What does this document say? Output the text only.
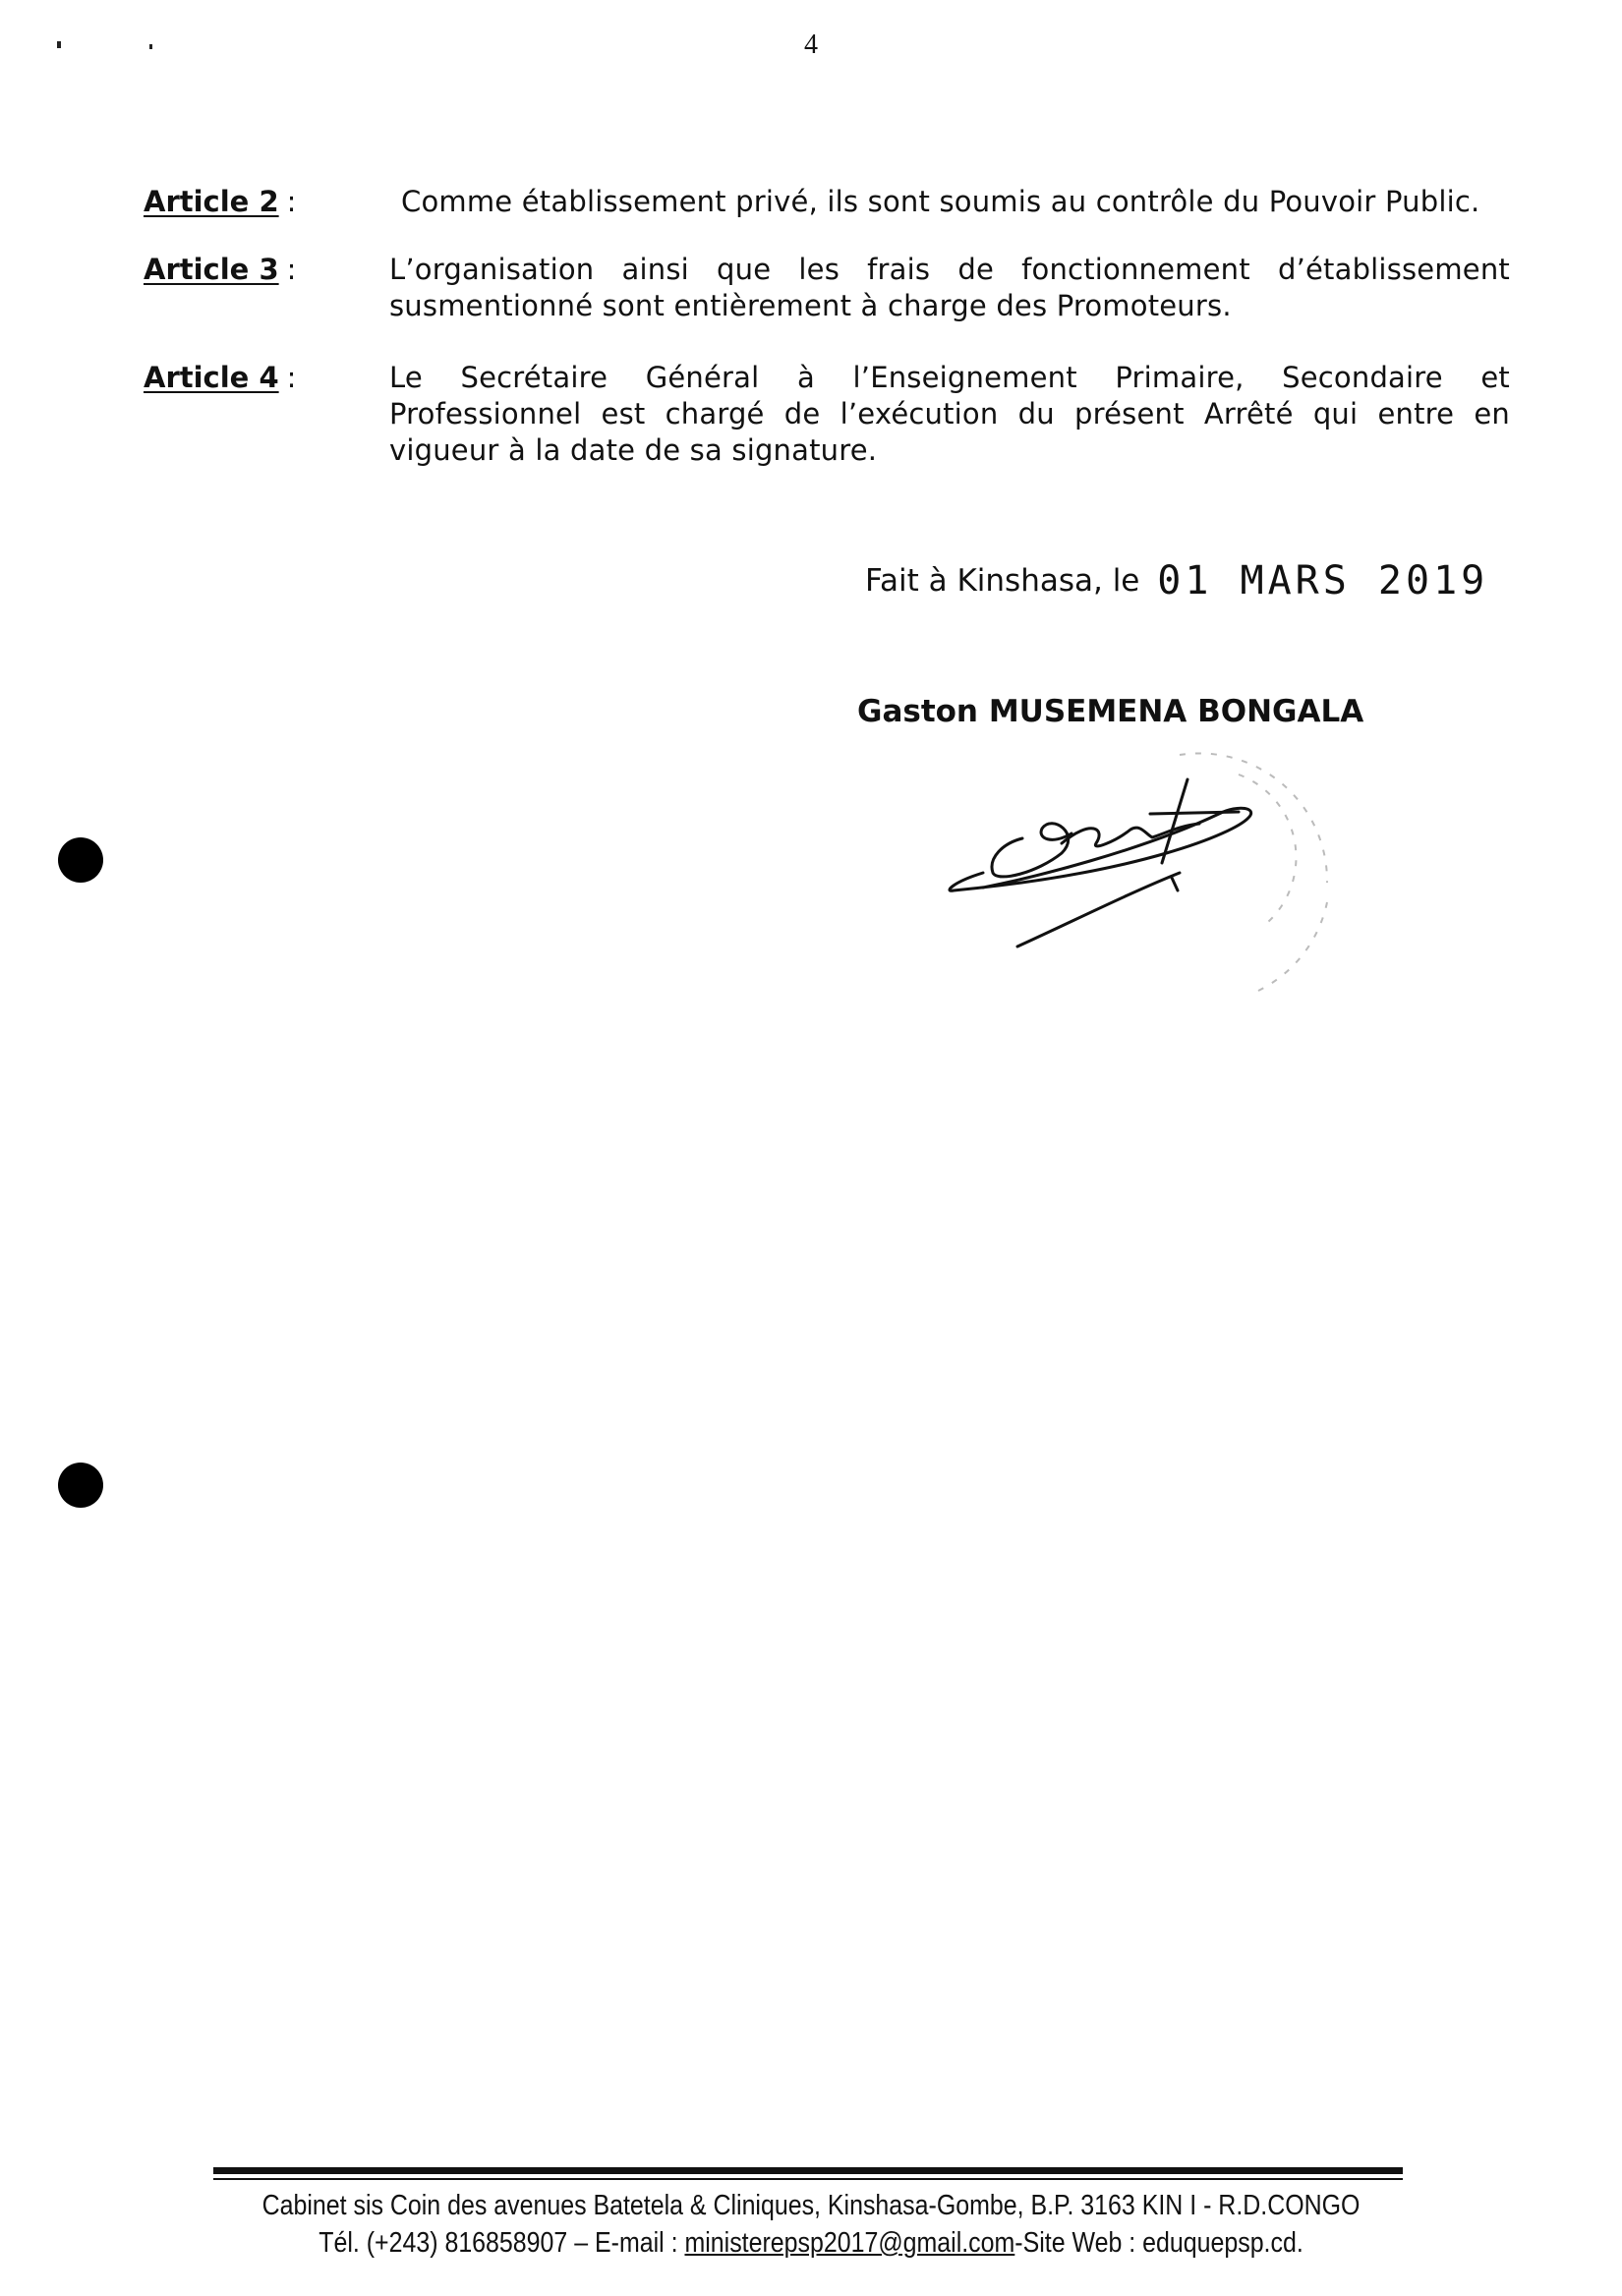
4
Article 2 :	Comme établissement privé, ils sont soumis au contrôle du Pouvoir Public.
Article 3 :	L’organisation ainsi que les frais de fonctionnement d’établissement susmentionné sont entièrement à charge des Promoteurs.
Article 4 :	Le Secrétaire Général à l’Enseignement Primaire, Secondaire et Professionnel est chargé de l’exécution du présent Arrêté qui entre en vigueur à la date de sa signature.
Fait à Kinshasa, le 01 MARS 2019
Gaston MUSEMENA BONGALA
Cabinet sis Coin des avenues Batetela & Cliniques, Kinshasa-Gombe, B.P. 3163 KIN I - R.D.CONGO
Tél. (+243) 816858907 – E-mail : ministerepsp2017@gmail.com-Site Web : eduquepsp.cd.
